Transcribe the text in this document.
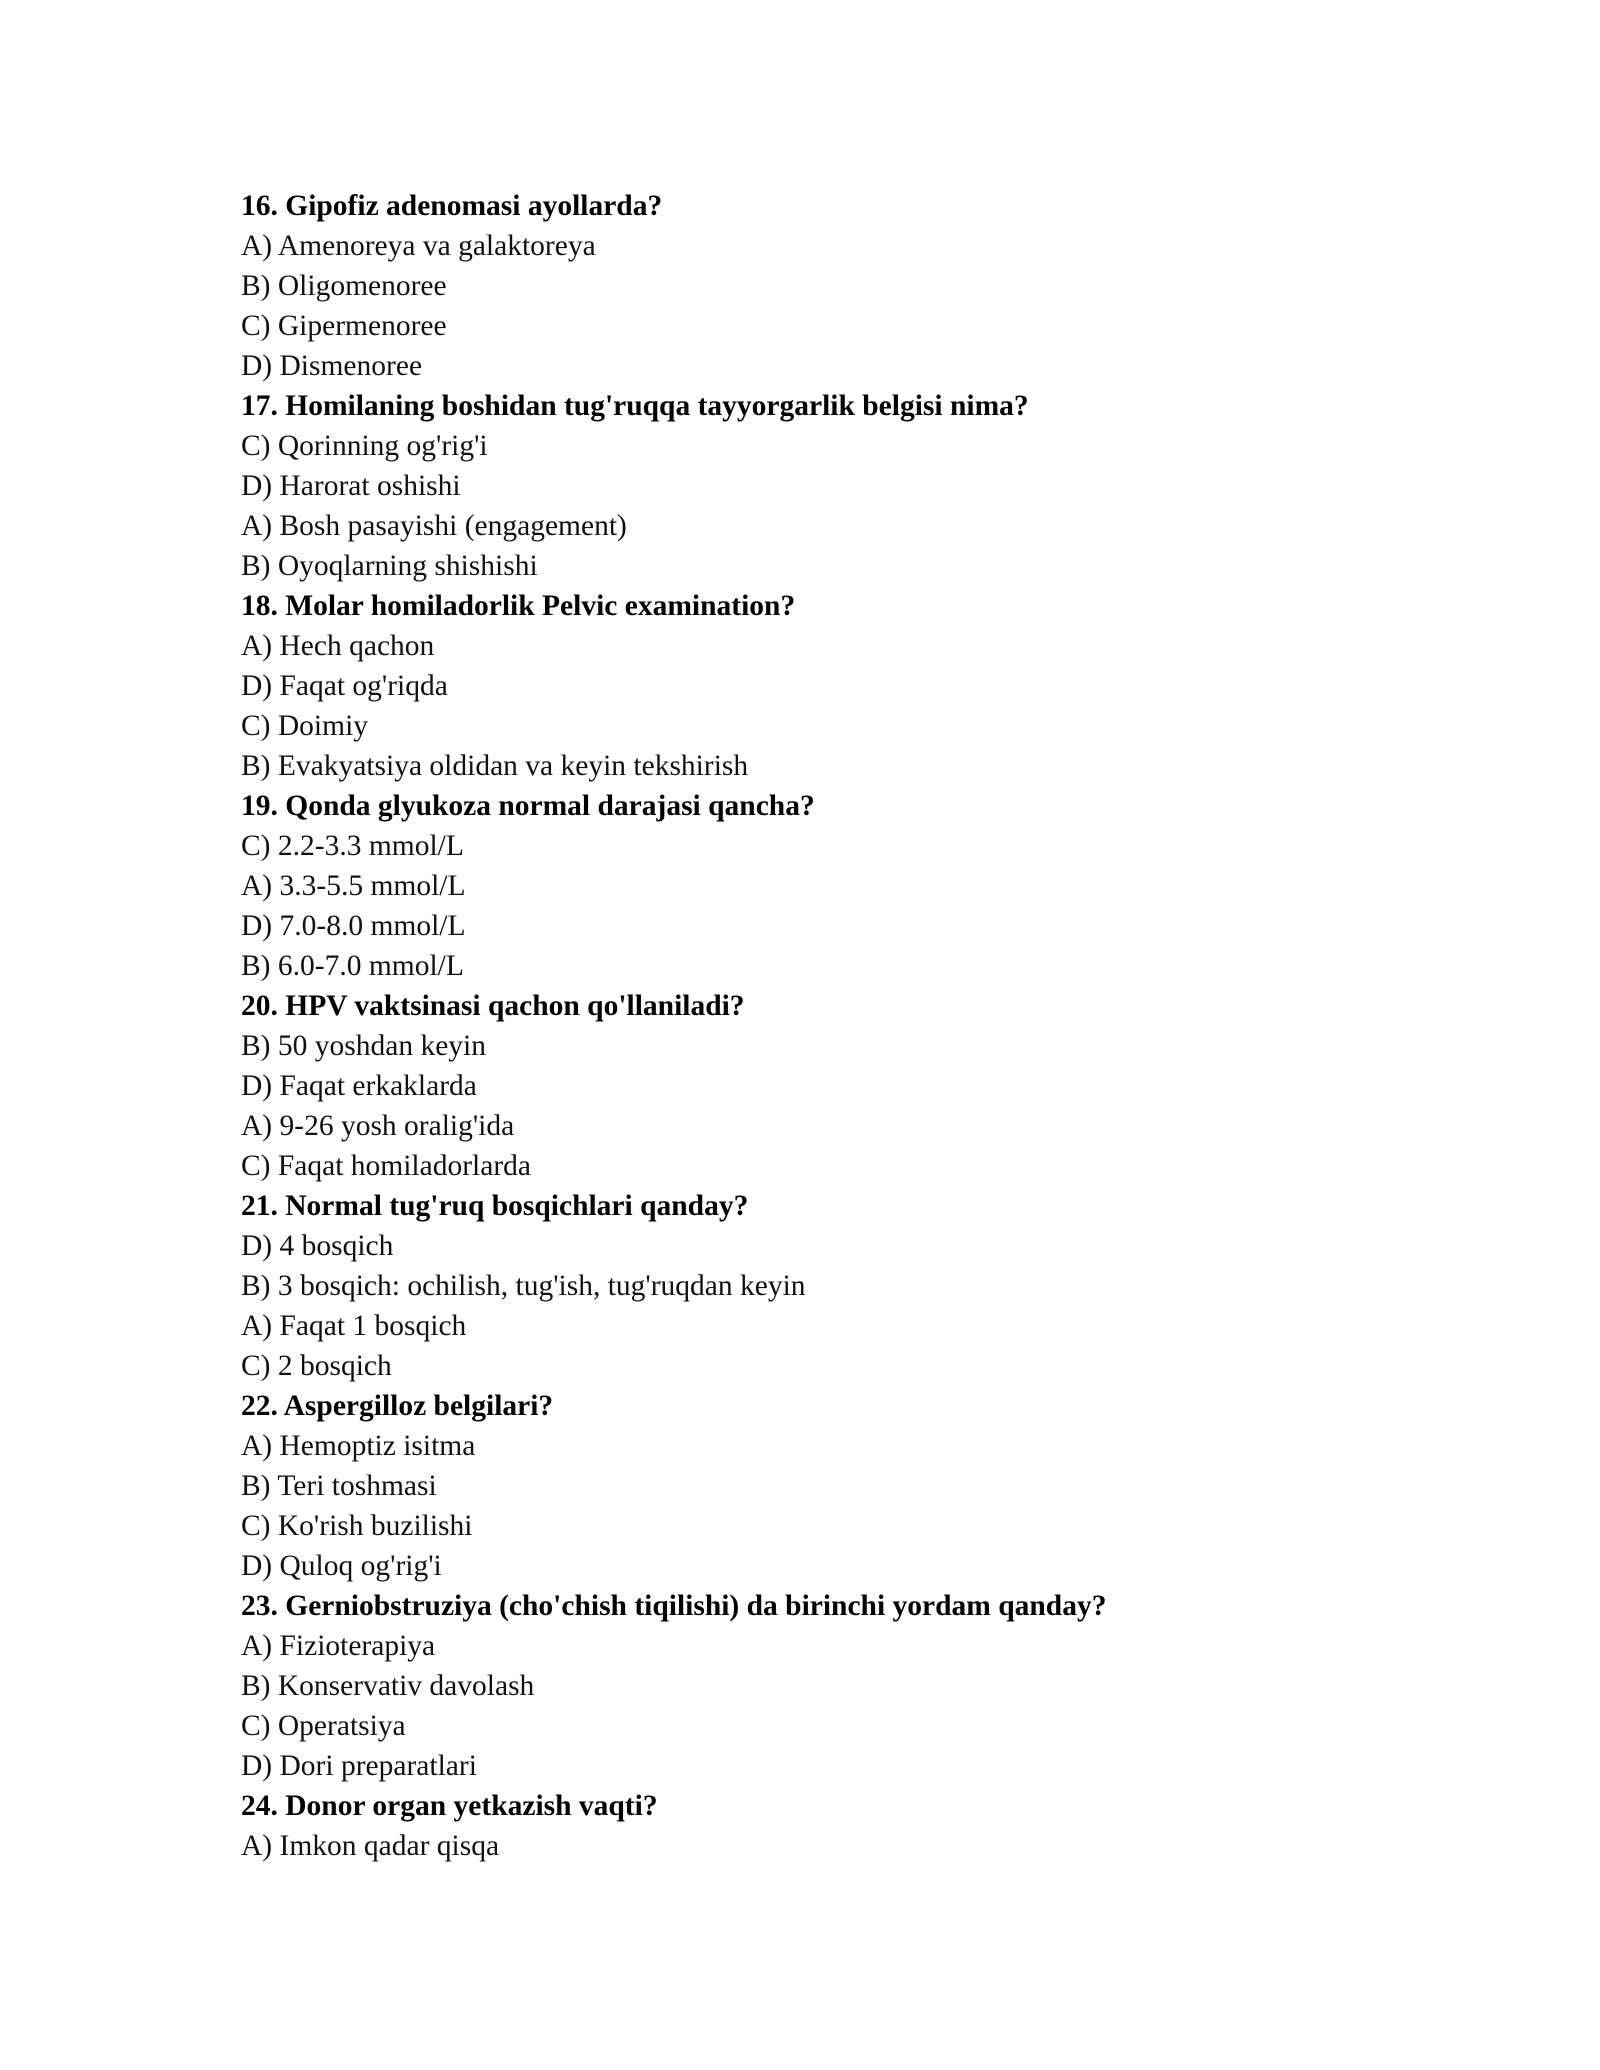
16. Gipofiz adenomasi ayollarda?
A) Amenoreya va galaktoreya
B) Oligomenoree
C) Gipermenoree
D) Dismenoree
17. Homilaning boshidan tug'ruqqa tayyorgarlik belgisi nima?
C) Qorinning og'rig'i
D) Harorat oshishi
A) Bosh pasayishi (engagement)
B) Oyoqlarning shishishi
18. Molar homiladorlik Pelvic examination?
A) Hech qachon
D) Faqat og'riqda
C) Doimiy
B) Evakyatsiya oldidan va keyin tekshirish
19. Qonda glyukoza normal darajasi qancha?
C) 2.2-3.3 mmol/L
A) 3.3-5.5 mmol/L
D) 7.0-8.0 mmol/L
B) 6.0-7.0 mmol/L
20. HPV vaktsinasi qachon qo'llaniladi?
B) 50 yoshdan keyin
D) Faqat erkaklarda
A) 9-26 yosh oralig'ida
C) Faqat homiladorlarda
21. Normal tug'ruq bosqichlari qanday?
D) 4 bosqich
B) 3 bosqich: ochilish, tug'ish, tug'ruqdan keyin
A) Faqat 1 bosqich
C) 2 bosqich
22. Aspergilloz belgilari?
A) Hemoptiz isitma
B) Teri toshmasi
C) Ko'rish buzilishi
D) Quloq og'rig'i
23. Gerniobstruziya (cho'chish tiqilishi) da birinchi yordam qanday?
A) Fizioterapiya
B) Konservativ davolash
C) Operatsiya
D) Dori preparatlari
24. Donor organ yetkazish vaqti?
A) Imkon qadar qisqa
